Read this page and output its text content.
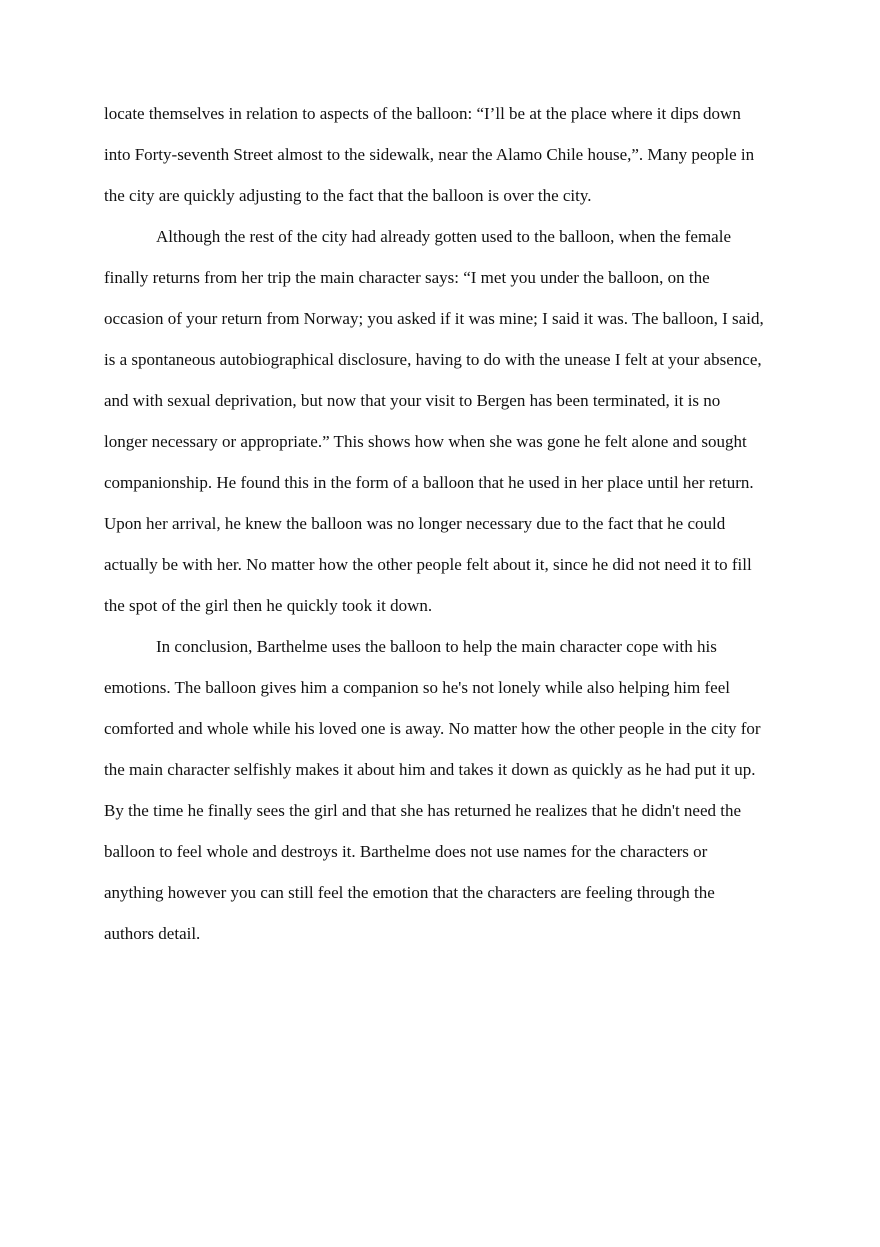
locate themselves in relation to aspects of the balloon: “I’ll be at the place where it dips down

into Forty-seventh Street almost to the sidewalk, near the Alamo Chile house,”. Many people in

the city are quickly adjusting to the fact that the balloon is over the city.

Although the rest of the city had already gotten used to the balloon, when the female

finally returns from her trip the main character says: “I met you under the balloon, on the

occasion of your return from Norway; you asked if it was mine; I said it was. The balloon, I said,

is a spontaneous autobiographical disclosure, having to do with the unease I felt at your absence,

and with sexual deprivation, but now that your visit to Bergen has been terminated, it is no

longer necessary or appropriate.” This shows how when she was gone he felt alone and sought

companionship. He found this in the form of a balloon that he used in her place until her return.

Upon her arrival, he knew the balloon was no longer necessary due to the fact that he could

actually be with her. No matter how the other people felt about it, since he did not need it to fill

the spot of the girl then he quickly took it down.

In conclusion, Barthelme uses the balloon to help the main character cope with his

emotions. The balloon gives him a companion so he's not lonely while also helping him feel

comforted and whole while his loved one is away. No matter how the other people in the city for

the main character selfishly makes it about him and takes it down as quickly as he had put it up.

By the time he finally sees the girl and that she has returned he realizes that he didn't need the

balloon to feel whole and destroys it. Barthelme does not use names for the characters or

anything however you can still feel the emotion that the characters are feeling through the

authors detail.
